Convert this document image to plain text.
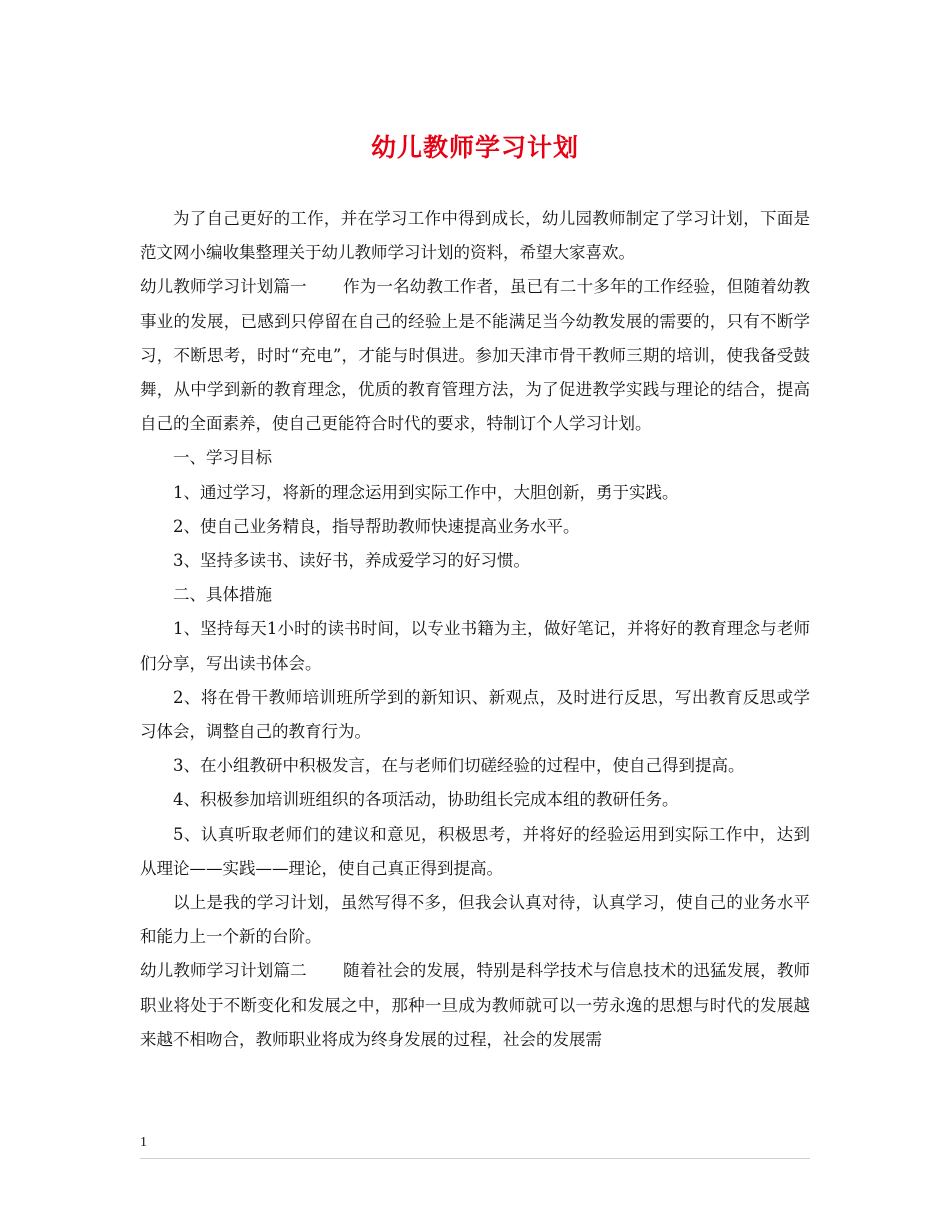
幼儿教师学习计划

为了自己更好的工作，并在学习工作中得到成长，幼儿园教师制定了学习计划，下面是范文网小编收集整理关于幼儿教师学习计划的资料，希望大家喜欢。

幼儿教师学习计划篇一 作为一名幼教工作者，虽已有二十多年的工作经验，但随着幼教事业的发展，已感到只停留在自己的经验上是不能满足当今幼教发展的需要的，只有不断学习，不断思考，时时“充电”，才能与时俱进。参加天津市骨干教师三期的培训，使我备受鼓舞，从中学到新的教育理念，优质的教育管理方法，为了促进教学实践与理论的结合，提高自己的全面素养，使自己更能符合时代的要求，特制订个人学习计划。

一、学习目标

1、通过学习，将新的理念运用到实际工作中，大胆创新，勇于实践。

2、使自己业务精良，指导帮助教师快速提高业务水平。

3、坚持多读书、读好书，养成爱学习的好习惯。

二、具体措施

1、坚持每天1小时的读书时间，以专业书籍为主，做好笔记，并将好的教育理念与老师们分享，写出读书体会。

2、将在骨干教师培训班所学到的新知识、新观点，及时进行反思，写出教育反思或学习体会，调整自己的教育行为。

3、在小组教研中积极发言，在与老师们切磋经验的过程中，使自己得到提高。

4、积极参加培训班组织的各项活动，协助组长完成本组的教研任务。

5、认真听取老师们的建议和意见，积极思考，并将好的经验运用到实际工作中，达到从理论——实践——理论，使自己真正得到提高。

以上是我的学习计划，虽然写得不多，但我会认真对待，认真学习，使自己的业务水平和能力上一个新的台阶。

幼儿教师学习计划篇二 随着社会的发展，特别是科学技术与信息技术的迅猛发展，教师职业将处于不断变化和发展之中，那种一旦成为教师就可以一劳永逸的思想与时代的发展越来越不相吻合，教师职业将成为终身发展的过程，社会的发展需

1
